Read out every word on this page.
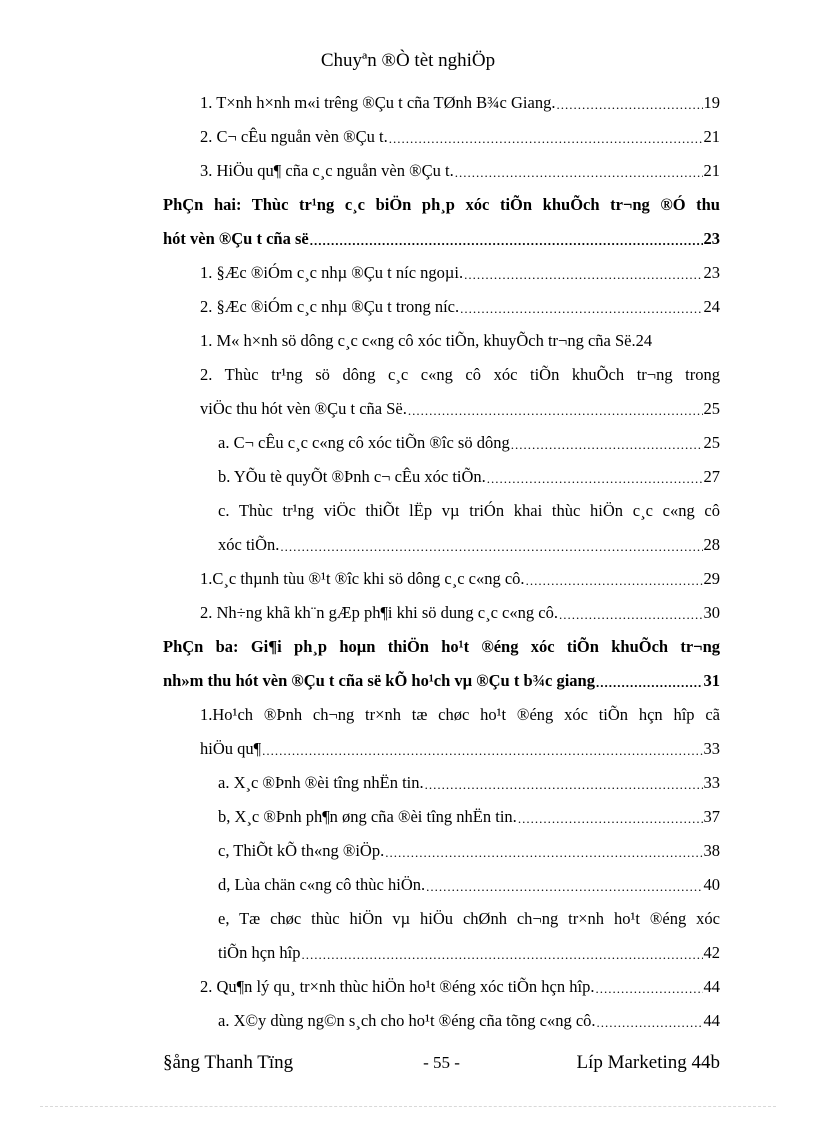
Chuyªn ®Ò tèt nghiÖp
1. T×nh h×nh m«i trêng ®Çu t cña TØnh B¾c Giang. .....	19
2. C¬ cÊu nguån vèn ®Çu t. .....	21
3. HiÖu qu¶ cña c¸c nguån vèn ®Çu t. .....	21
PhÇn hai: Thùc tr¹ng c¸c biÖn ph¸p xóc tiÕn khuÕch tr¬ng ®Ó thu
hót vèn ®Çu t cña së .....	23
1. §Æc ®iÓm c¸c nhµ ®Çu t níc ngoµi. .....	23
2. §Æc ®iÓm c¸c nhµ ®Çu t trong níc. .....	24
1. M« h×nh sö dông c¸c c«ng cô xóc tiÕn, khuyÕch tr¬ng cña Së. 24
2. Thùc tr¹ng sö dông c¸c c«ng cô xóc tiÕn khuÕch tr¬ng trong
viÖc thu hót vèn ®Çu t cña Së. .....	25
a. C¬ cÊu c¸c c«ng cô xóc tiÕn ®îc sö dông .....	25
b. YÕu tè quyÕt ®Þnh c¬ cÊu xóc tiÕn. .....	27
c. Thùc tr¹ng viÖc thiÕt lËp vµ triÓn khai thùc hiÖn c¸c c«ng cô
xóc tiÕn. .....	28
1.C¸c thµnh tùu ®¹t ®îc khi sö dông c¸c c«ng cô. .....	29
2. Nh÷ng khã kh¨n gÆp ph¶i khi sö dung c¸c c«ng cô. .....	30
PhÇn ba: Gi¶i ph¸p hoµn thiÖn ho¹t ®éng xóc tiÕn khuÕch tr¬ng
nh»m thu hót vèn ®Çu t cña së kÕ ho¹ch vµ ®Çu t b¾c giang .....	31
1.Ho¹ch ®Þnh ch¬ng tr×nh tæ chøc ho¹t ®éng xóc tiÕn hçn hîp cã
hiÖu qu¶ .....	33
a. X¸c ®Þnh ®èi tîng nhËn tin. .....	33
b, X¸c ®Þnh ph¶n øng cña ®èi tîng nhËn tin. .....	37
c, ThiÕt kÕ th«ng ®iÖp. .....	38
d, Lùa chän c«ng cô thùc hiÖn. .....	40
e, Tæ chøc thùc hiÖn vµ hiÖu chØnh ch¬ng tr×nh ho¹t ®éng xóc
tiÕn hçn hîp .....	42
2. Qu¶n lý qu¸ tr×nh thùc hiÖn ho¹t ®éng xóc tiÕn hçn hîp. .....	44
a. X©y dùng ng©n s¸ch cho ho¹t ®éng cña tõng c«ng cô. .....	44
§ång Thanh Tïng	- 55 -	Líp Marketing 44b
